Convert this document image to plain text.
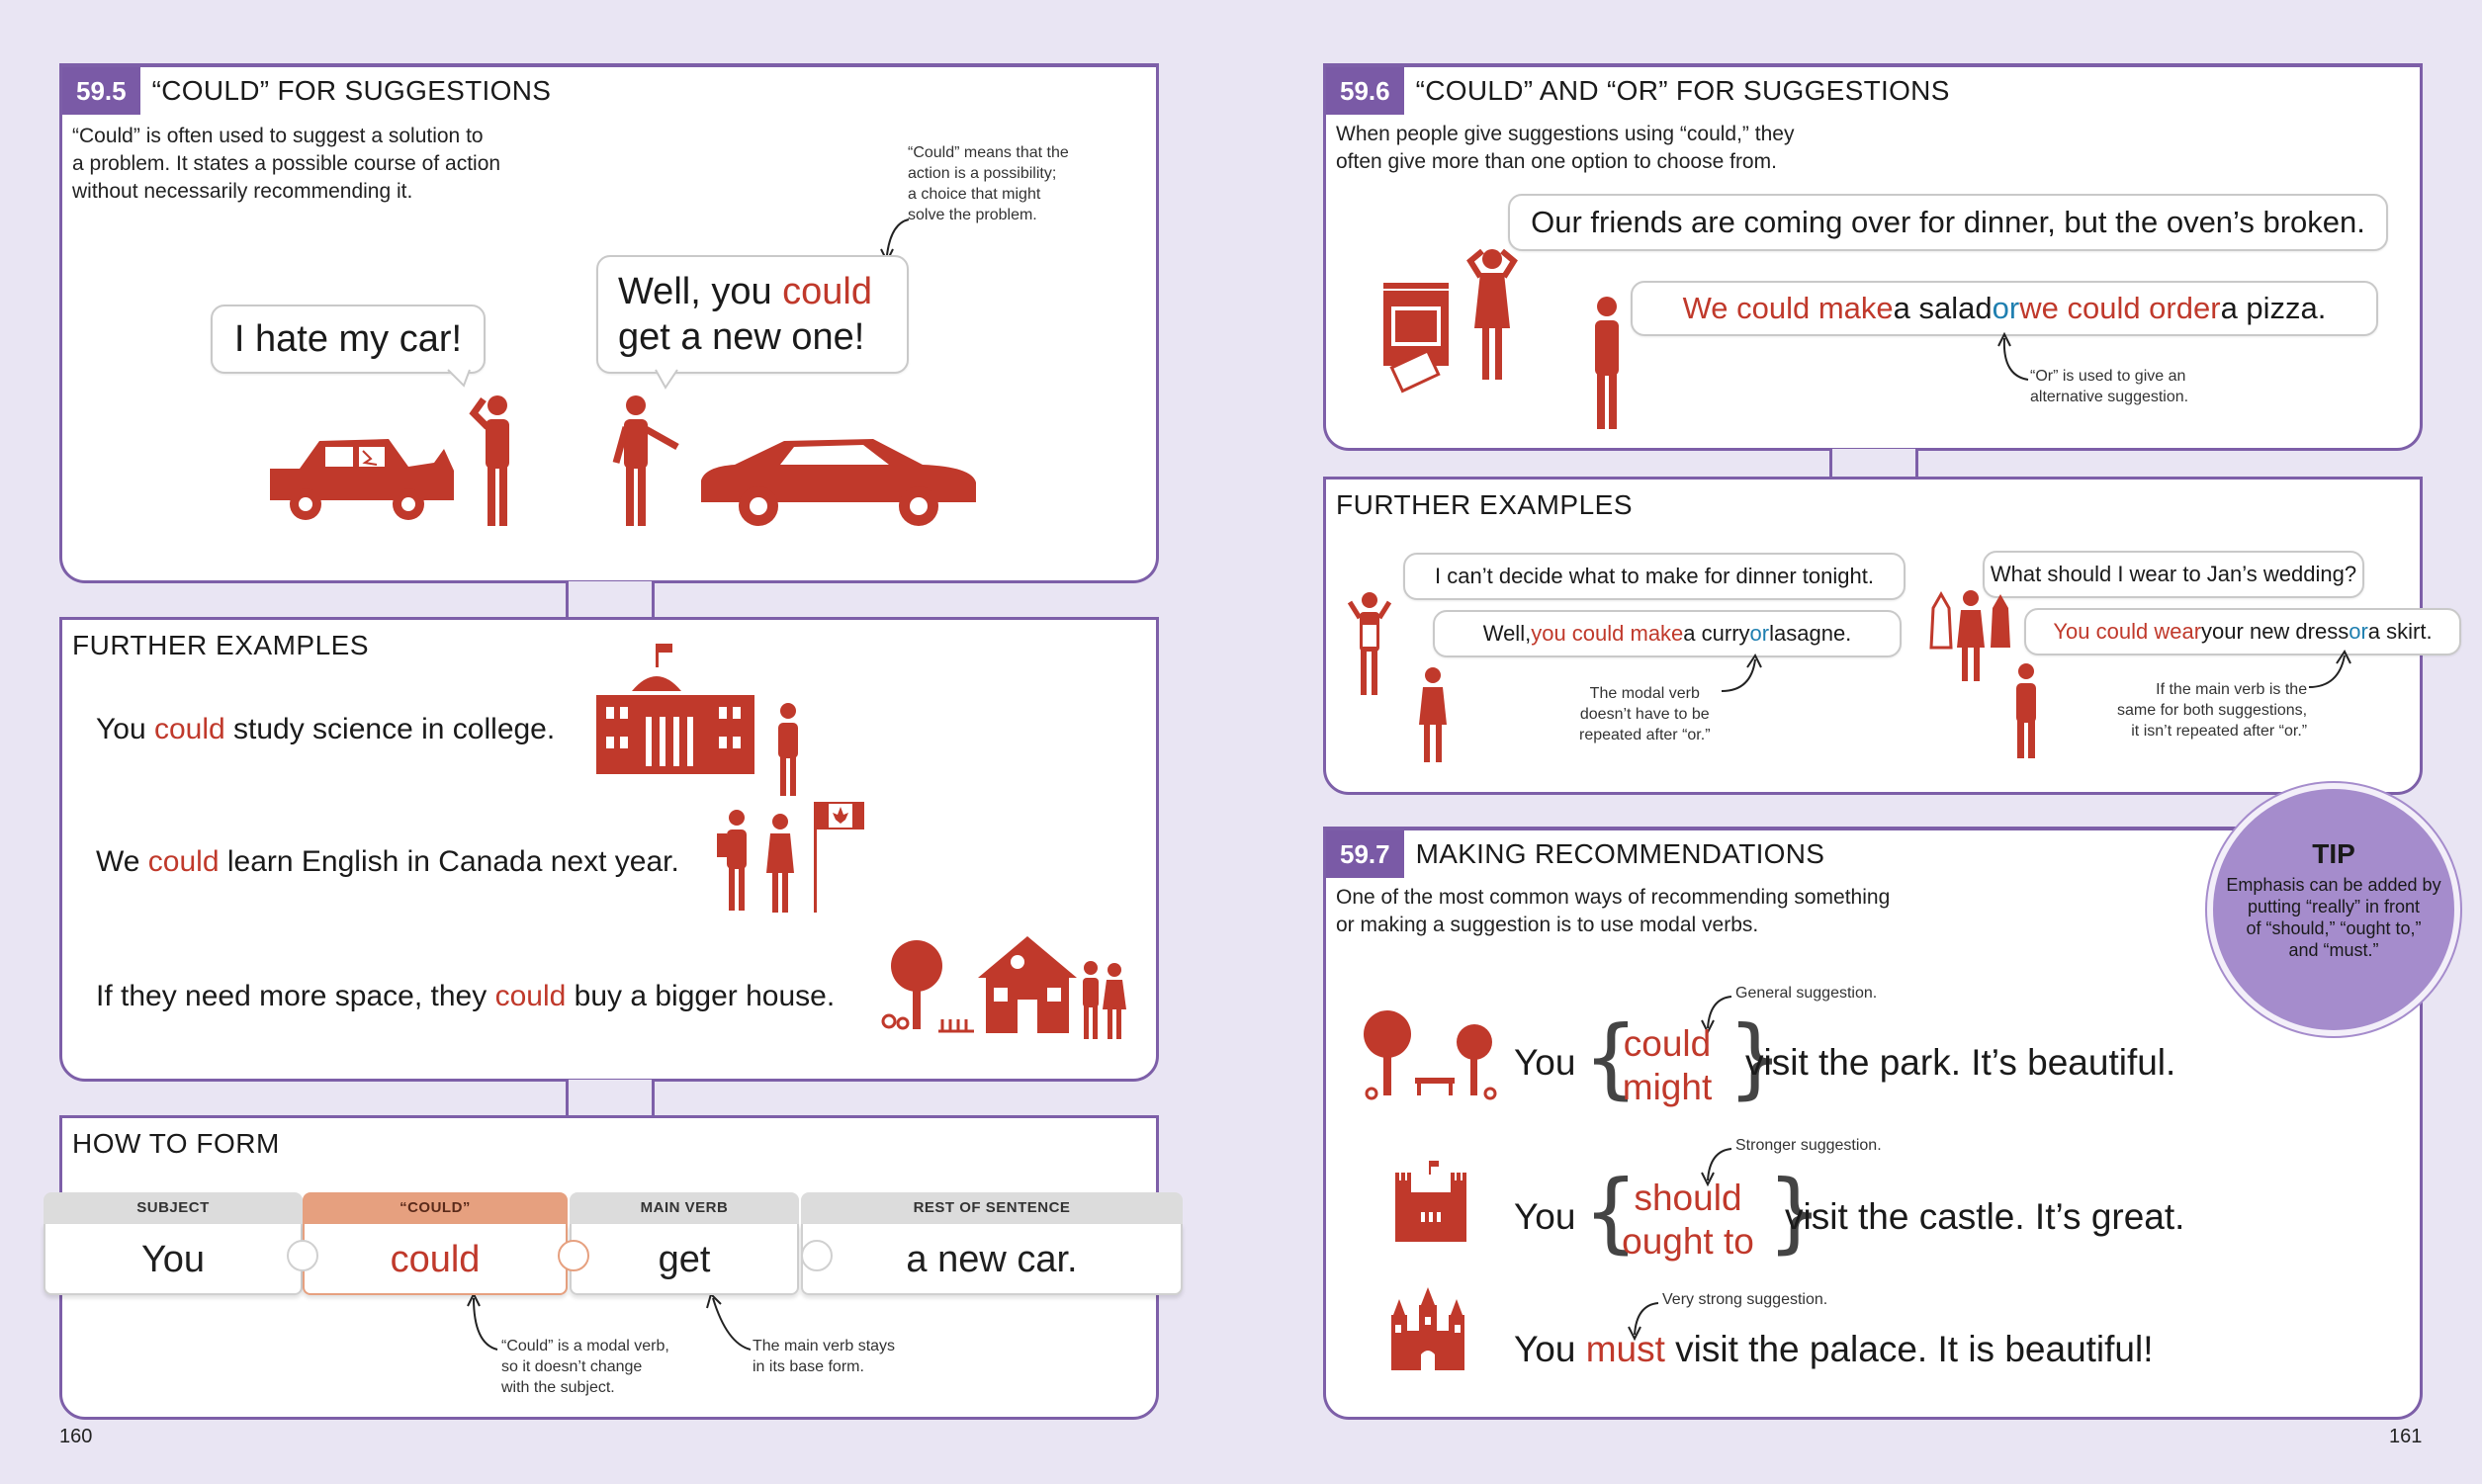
59.5 “COULD” FOR SUGGESTIONS
“Could” is often used to suggest a solution to
a problem. It states a possible course of action
without necessarily recommending it.
“Could” means that the
action is a possibility;
a choice that might
solve the problem.
I hate my car!
Well, you could
get a new one!
FURTHER EXAMPLES
You could study science in college.
We could learn English in Canada next year.
If they need more space, they could buy a bigger house.
HOW TO FORM
“Could” is a modal verb,
so it doesn’t change
with the subject.
The main verb stays
in its base form.
SUBJECT
You
“COULD”
could
MAIN VERB
get
REST OF SENTENCE
a new car.
160
59.6 “COULD” AND “OR” FOR SUGGESTIONS
When people give suggestions using “could,” they
often give more than one option to choose from.
Our friends are coming over for dinner, but the oven’s broken.
We could make a salad or we could order a pizza.
“Or” is used to give an
alternative suggestion.
FURTHER EXAMPLES
I can’t decide what to make for dinner tonight.
Well, you could make a curry or lasagne.
The modal verb
doesn’t have to be
repeated after “or.”
What should I wear to Jan’s wedding?
You could wear your new dress or a skirt.
If the main verb is the
same for both suggestions,
it isn’t repeated after “or.”
59.7 MAKING RECOMMENDATIONS
One of the most common ways of recommending something
or making a suggestion is to use modal verbs.
General suggestion.
You {
could
might }
visit the park. It’s beautiful.
Stronger suggestion.
You {
should
ought to }
visit the castle. It’s great.
Very strong suggestion.
You must visit the palace. It is beautiful!
TIP
Emphasis can be added by
putting “really” in front
of “should,” “ought to,”
and “must.”
161
